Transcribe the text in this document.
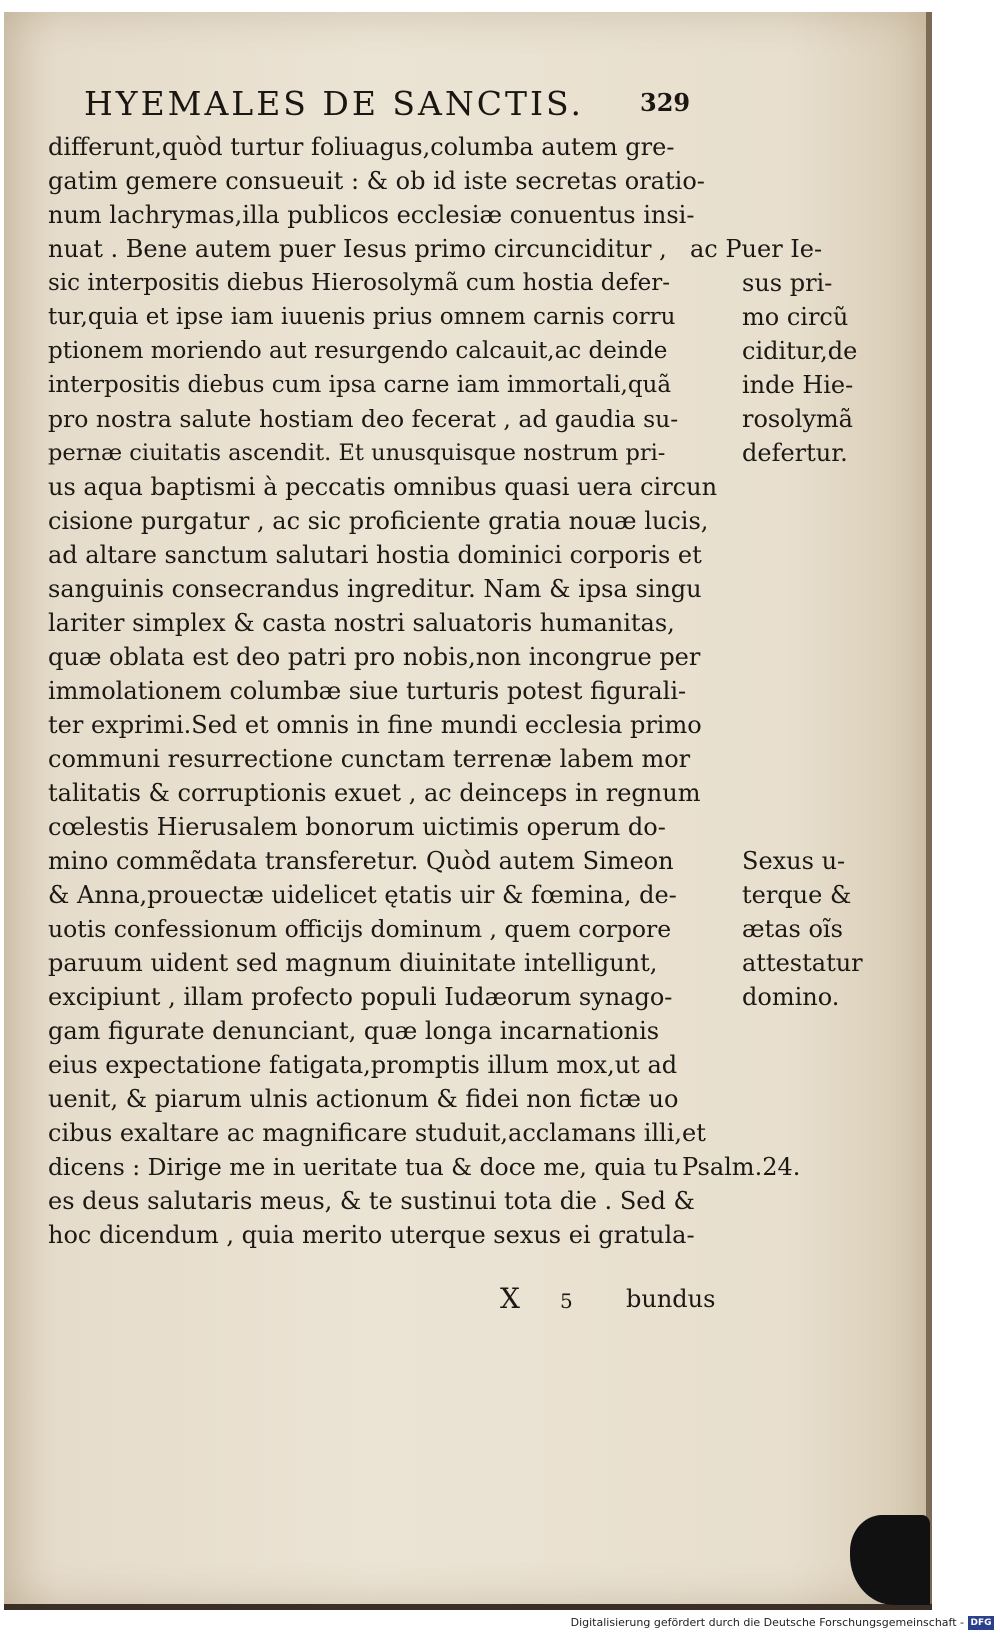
HYEMALES DE SANCTIS. 329
differunt,quòd turtur foliuagus,columba autem gre-
gatim gemere consueuit : & ob id iste secretas oratio-
num lachrymas,illa publicos ecclesiæ conuentus insi-
nuat . Bene autem puer Iesus primo circunciditur , ac Puer Ie-
sic interpositis diebus Hierosolymã cum hostia defer-	sus pri-
tur,quia et ipse iam iuuenis prius omnem carnis corru	mo circũ
ptionem moriendo aut resurgendo calcauit,ac deinde	ciditur,de
interpositis diebus cum ipsa carne iam immortali,quã	inde Hie-
pro nostra salute hostiam deo fecerat , ad gaudia su-	rosolymã
pernæ ciuitatis ascendit. Et unusquisque nostrum pri-	defertur.
us aqua baptismi à peccatis omnibus quasi uera circun
cisione purgatur , ac sic proficiente gratia nouæ lucis,
ad altare sanctum salutari hostia dominici corporis et
sanguinis consecrandus ingreditur. Nam & ipsa singu
lariter simplex & casta nostri saluatoris humanitas,
quæ oblata est deo patri pro nobis,non incongrue per
immolationem columbæ siue turturis potest figurali-
ter exprimi.Sed et omnis in fine mundi ecclesia primo
communi resurrectione cunctam terrenæ labem mor
talitatis & corruptionis exuet , ac deinceps in regnum
cœlestis Hierusalem bonorum uictimis operum do-
mino commẽdata transferetur. Quòd autem Simeon	Sexus u-
& Anna,prouectæ uidelicet ętatis uir & fœmina, de-	terque &
uotis confessionum officijs dominum , quem corpore	ætas oĩs
paruum uident sed magnum diuinitate intelligunt,	attestatur
excipiunt , illam profecto populi Iudæorum synago-	domino.
gam figurate denunciant, quæ longa incarnationis
eius expectatione fatigata,promptis illum mox,ut ad
uenit, & piarum ulnis actionum & fidei non fictæ uo
cibus exaltare ac magnificare studuit,acclamans illi,et
dicens : Dirige me in ueritate tua & doce me, quia tu Psalm.24.
es deus salutaris meus, & te sustinui tota die . Sed &
hoc dicendum , quia merito uterque sexus ei gratula-
X 5 bundus
Digitalisierung gefördert durch die Deutsche Forschungsgemeinschaft - DFG
